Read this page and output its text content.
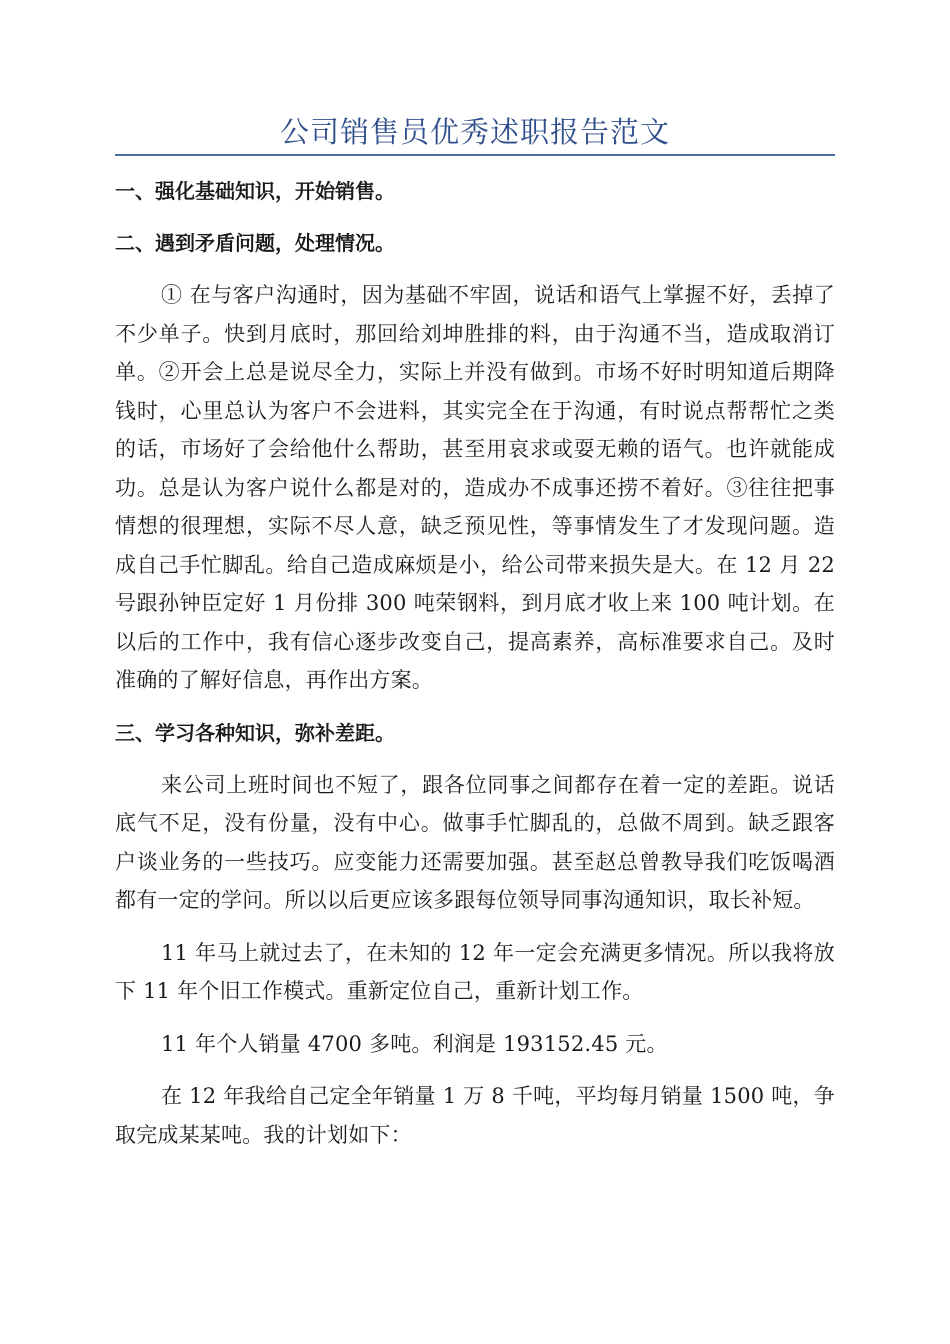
公司销售员优秀述职报告范文

一、强化基础知识，开始销售。

二、遇到矛盾问题，处理情况。

① 在与客户沟通时，因为基础不牢固，说话和语气上掌握不好，丢掉了不少单子。快到月底时，那回给刘坤胜排的料，由于沟通不当，造成取消订单。②开会上总是说尽全力，实际上并没有做到。市场不好时明知道后期降钱时，心里总认为客户不会进料，其实完全在于沟通，有时说点帮帮忙之类的话，市场好了会给他什么帮助，甚至用哀求或耍无赖的语气。也许就能成功。总是认为客户说什么都是对的，造成办不成事还捞不着好。③往往把事情想的很理想，实际不尽人意，缺乏预见性，等事情发生了才发现问题。造成自己手忙脚乱。给自己造成麻烦是小，给公司带来损失是大。在 12 月 22 号跟孙钟臣定好 1 月份排 300 吨荣钢料，到月底才收上来 100 吨计划。在以后的工作中，我有信心逐步改变自己，提高素养，高标准要求自己。及时准确的了解好信息，再作出方案。

三、学习各种知识，弥补差距。

来公司上班时间也不短了，跟各位同事之间都存在着一定的差距。说话底气不足，没有份量，没有中心。做事手忙脚乱的，总做不周到。缺乏跟客户谈业务的一些技巧。应变能力还需要加强。甚至赵总曾教导我们吃饭喝酒都有一定的学问。所以以后更应该多跟每位领导同事沟通知识，取长补短。

11 年马上就过去了，在未知的 12 年一定会充满更多情况。所以我将放下 11 年个旧工作模式。重新定位自己，重新计划工作。

11 年个人销量 4700 多吨。利润是 193152.45 元。

在 12 年我给自己定全年销量 1 万 8 千吨，平均每月销量 1500 吨，争取完成某某吨。我的计划如下：
